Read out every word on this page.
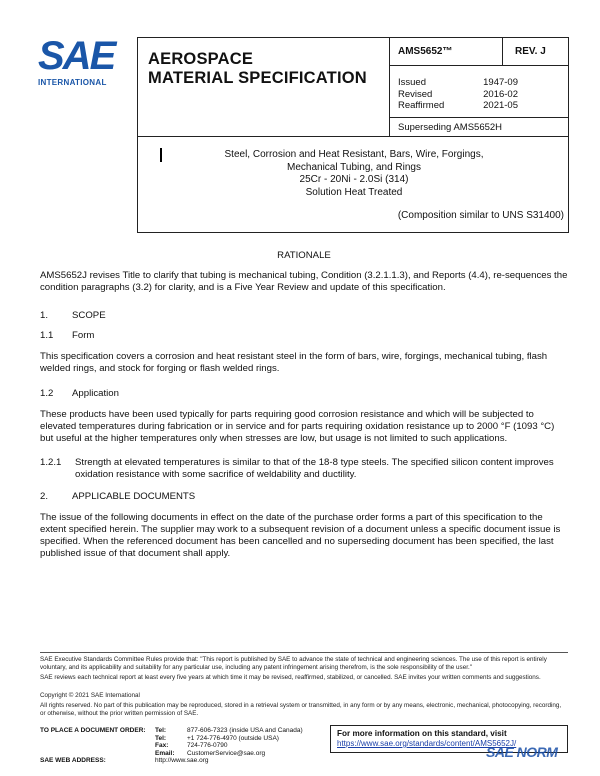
SAE
INTERNATIONAL
AEROSPACE
MATERIAL SPECIFICATION
AMS5652™	REV. J
Issued	1947-09
Revised	2016-02
Reaffirmed	2021-05
Superseding AMS5652H
Steel, Corrosion and Heat Resistant, Bars, Wire, Forgings,
Mechanical Tubing, and Rings
25Cr - 20Ni - 2.0Si (314)
Solution Heat Treated
(Composition similar to UNS S31400)
RATIONALE
AMS5652J revises Title to clarify that tubing is mechanical tubing, Condition (3.2.1.1.3), and Reports (4.4), re-sequences the condition paragraphs (3.2) for clarity, and is a Five Year Review and update of this specification.
1. SCOPE
1.1 Form
This specification covers a corrosion and heat resistant steel in the form of bars, wire, forgings, mechanical tubing, flash welded rings, and stock for forging or flash welded rings.
1.2 Application
These products have been used typically for parts requiring good corrosion resistance and which will be subjected to elevated temperatures during fabrication or in service and for parts requiring oxidation resistance up to 2000 °F (1093 °C) but useful at the higher temperatures only when stresses are low, but usage is not limited to such applications.
1.2.1	Strength at elevated temperatures is similar to that of the 18-8 type steels. The specified silicon content improves oxidation resistance with some sacrifice of weldability and ductility.
2. APPLICABLE DOCUMENTS
The issue of the following documents in effect on the date of the purchase order forms a part of this specification to the extent specified herein. The supplier may work to a subsequent revision of a document unless a specific document issue is specified. When the referenced document has been cancelled and no superseding document has been specified, the last published issue of that document shall apply.
SAE Executive Standards Committee Rules provide that: "This report is published by SAE to advance the state of technical and engineering sciences. The use of this report is entirely voluntary, and its applicability and suitability for any particular use, including any patent infringement arising therefrom, is the sole responsibility of the user."
SAE reviews each technical report at least every five years at which time it may be revised, reaffirmed, stabilized, or cancelled. SAE invites your written comments and suggestions.
Copyright © 2021 SAE International
All rights reserved. No part of this publication may be reproduced, stored in a retrieval system or transmitted, in any form or by any means, electronic, mechanical, photocopying, recording, or otherwise, without the prior written permission of SAE.
TO PLACE A DOCUMENT ORDER: Tel:	877-606-7323 (inside USA and Canada)
Tel:	+1 724-776-4970 (outside USA)
Fax:	724-776-0790
Email:	CustomerService@sae.org
SAE WEB ADDRESS:	http://www.sae.org
For more information on this standard, visit
https://www.sae.org/standards/content/AMS5652J/
SAE NORM
